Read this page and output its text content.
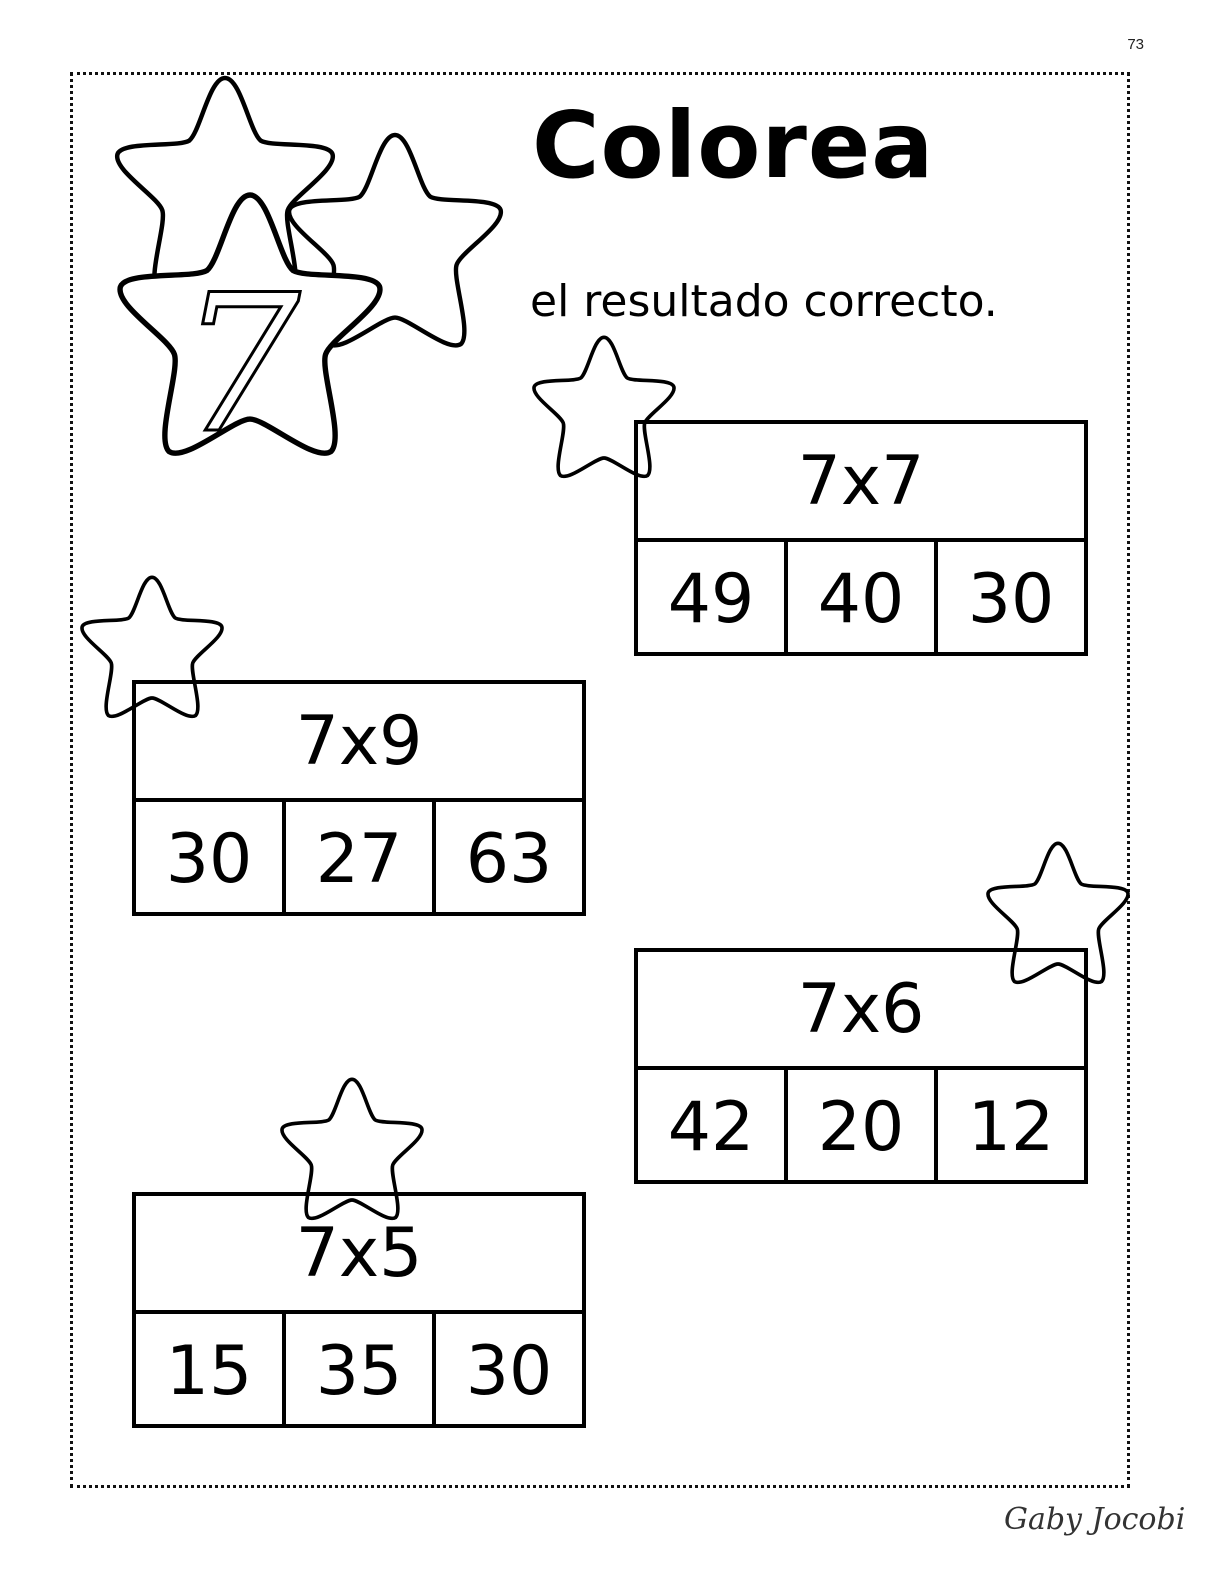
73
7
Colorea
el resultado correcto.
7x7
49 40 30
7x9
30 27 63
7x6
42 20 12
7x5
15 35 30
Gaby Jocobi
